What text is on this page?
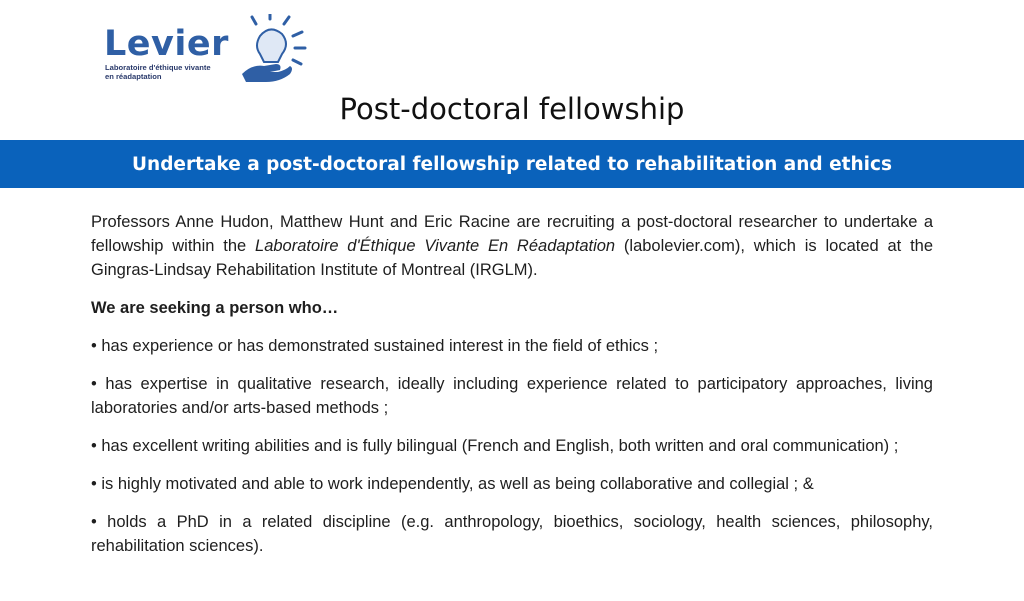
Levier
Laboratoire d'éthique vivante
en réadaptation
Post-doctoral fellowship
Undertake a post-doctoral fellowship related to rehabilitation and ethics

Professors Anne Hudon, Matthew Hunt and Eric Racine are recruiting a post-doctoral researcher to undertake a fellowship within the Laboratoire d'Éthique Vivante En Réadaptation (labolevier.com), which is located at the Gingras-Lindsay Rehabilitation Institute of Montreal (IRGLM).

We are seeking a person who…

• has experience or has demonstrated sustained interest in the field of ethics ;

• has expertise in qualitative research, ideally including experience related to participatory approaches, living laboratories and/or arts-based methods ;

• has excellent writing abilities and is fully bilingual (French and English, both written and oral communication) ;

• is highly motivated and able to work independently, as well as being collaborative and collegial ; &

• holds a PhD in a related discipline (e.g. anthropology, bioethics, sociology, health sciences, philosophy, rehabilitation sciences).
